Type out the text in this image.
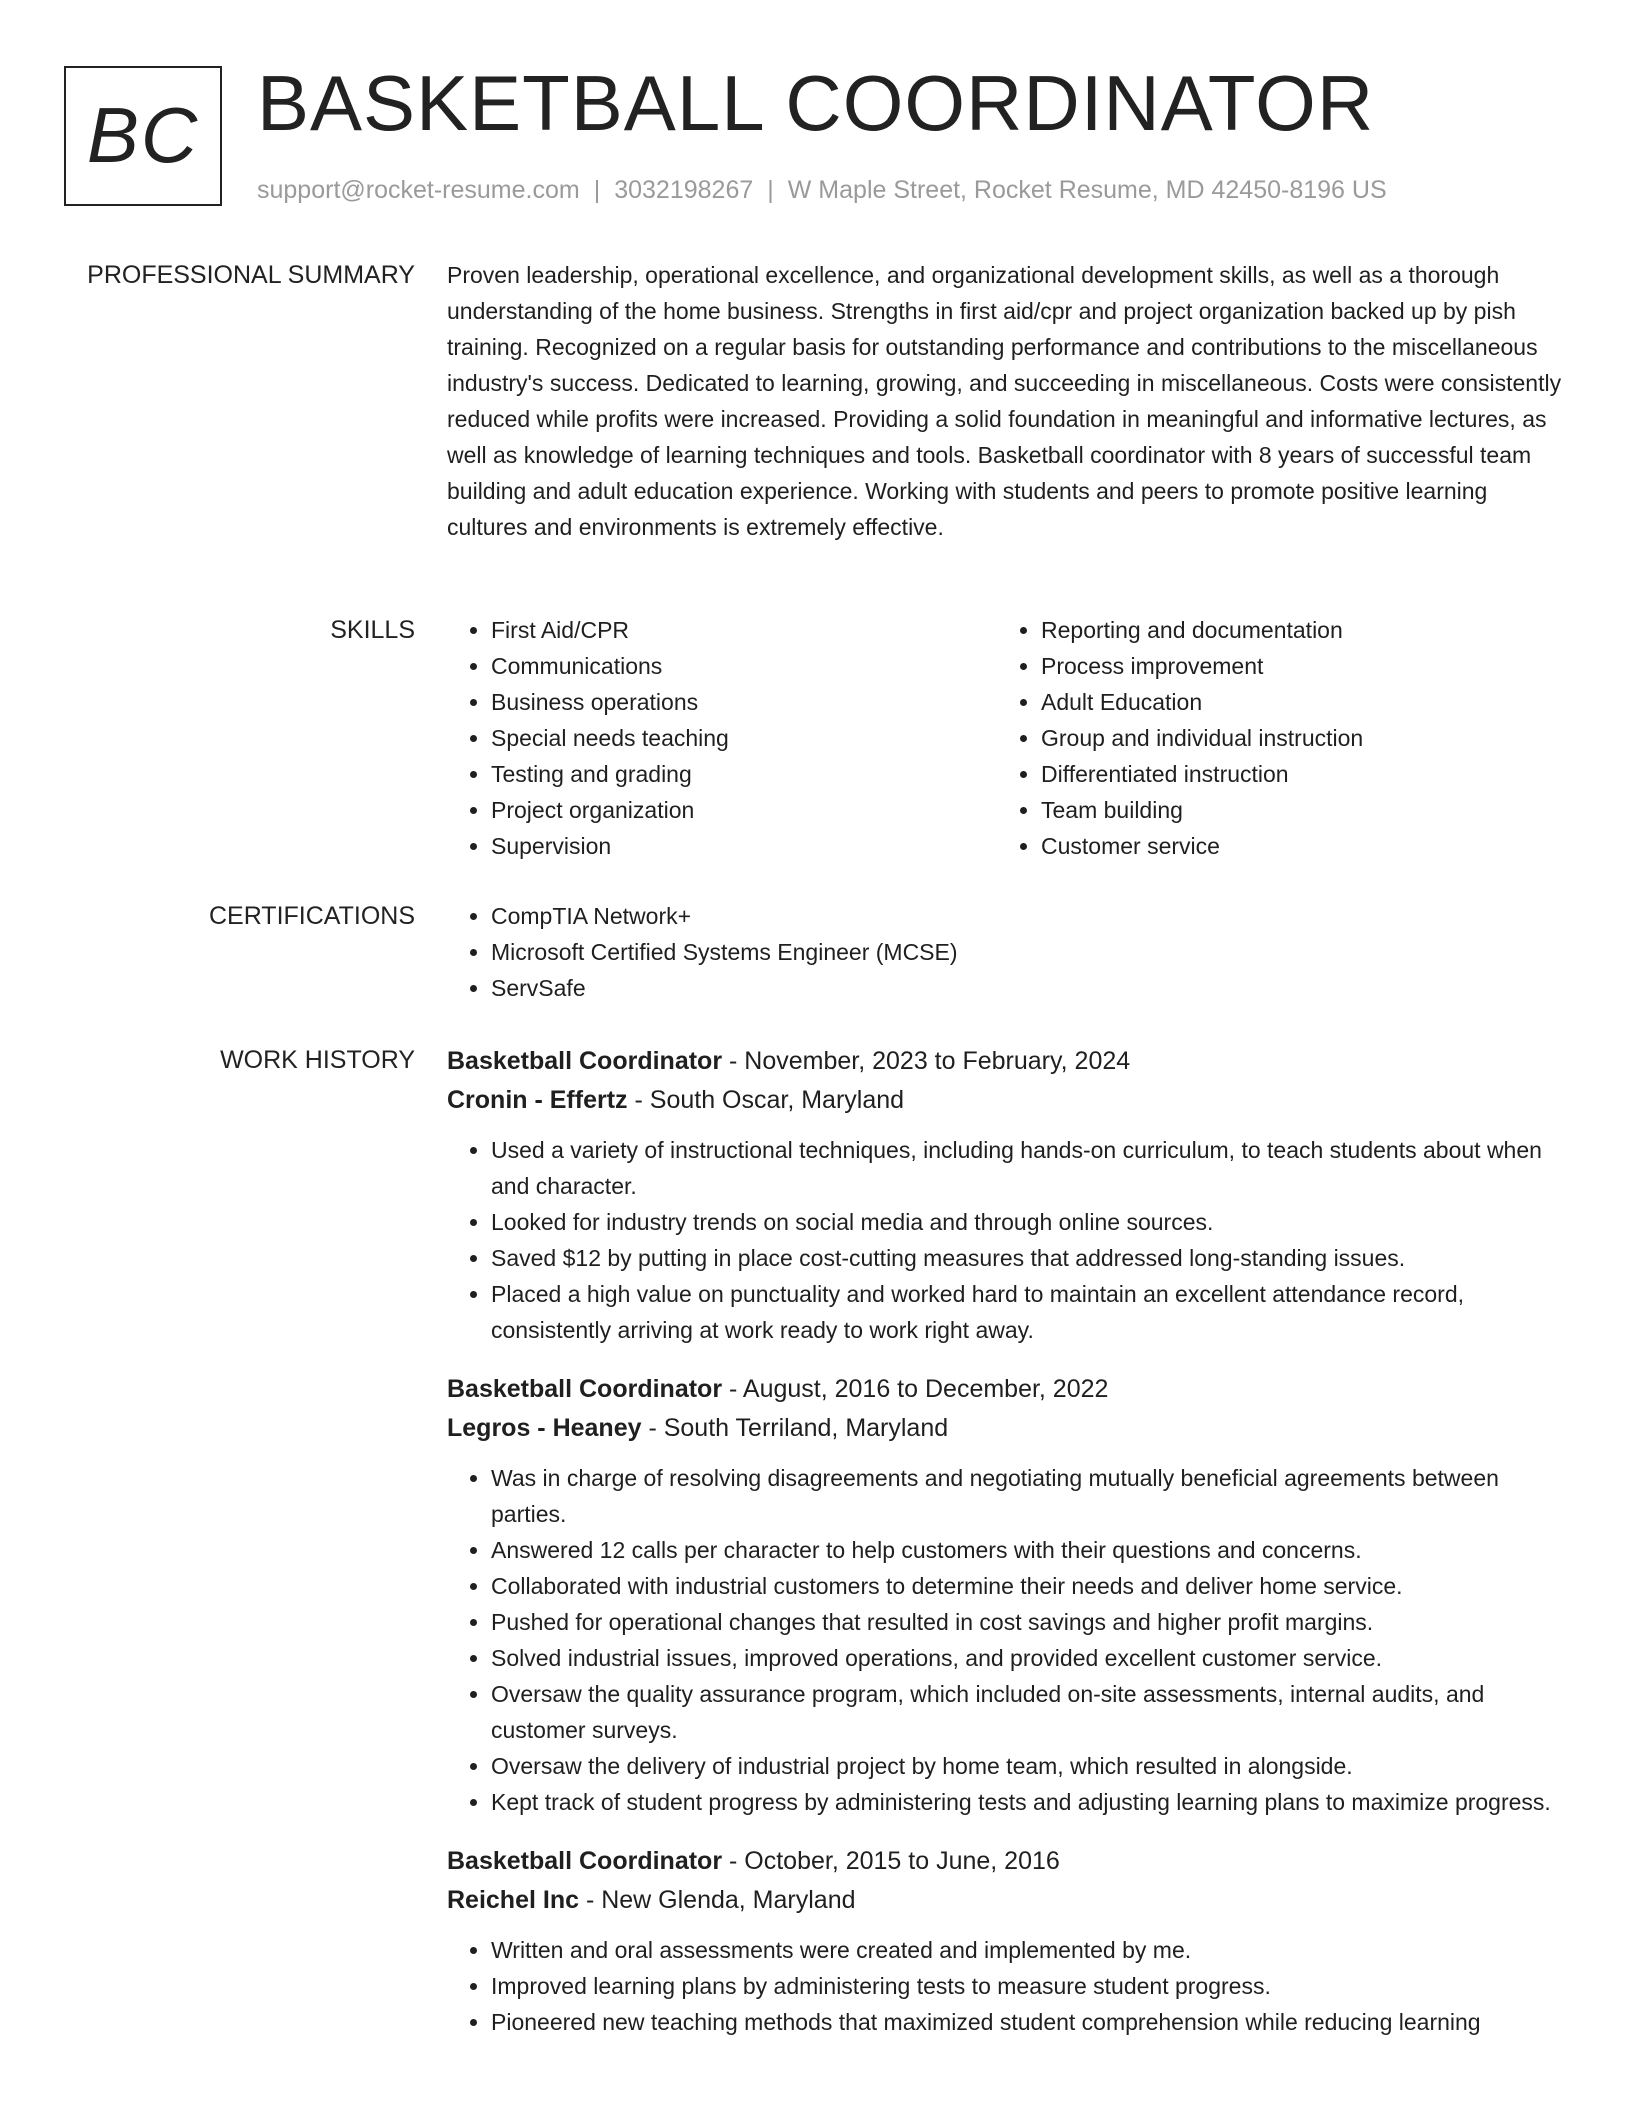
BC BASKETBALL COORDINATOR
support@rocket-resume.com | 3032198267 | W Maple Street, Rocket Resume, MD 42450-8196 US
PROFESSIONAL SUMMARY Proven leadership, operational excellence, and organizational development skills, as well as a thorough understanding of the home business. Strengths in first aid/cpr and project organization backed up by pish training. Recognized on a regular basis for outstanding performance and contributions to the miscellaneous industry's success. Dedicated to learning, growing, and succeeding in miscellaneous. Costs were consistently reduced while profits were increased. Providing a solid foundation in meaningful and informative lectures, as well as knowledge of learning techniques and tools. Basketball coordinator with 8 years of successful team building and adult education experience. Working with students and peers to promote positive learning cultures and environments is extremely effective.
SKILLS	• First Aid/CPR
• Communications
• Business operations
• Special needs teaching
• Testing and grading
• Project organization
• Supervision
• Reporting and documentation
• Process improvement
• Adult Education
• Group and individual instruction
• Differentiated instruction
• Team building
• Customer service
CERTIFICATIONS	• CompTIA Network+
• Microsoft Certified Systems Engineer (MCSE)
• ServSafe
WORK HISTORY Basketball Coordinator - November, 2023 to February, 2024
Cronin - Effertz - South Oscar, Maryland
• Used a variety of instructional techniques, including hands-on curriculum, to teach students about when and character.
• Looked for industry trends on social media and through online sources.
• Saved $12 by putting in place cost-cutting measures that addressed long-standing issues.
• Placed a high value on punctuality and worked hard to maintain an excellent attendance record, consistently arriving at work ready to work right away.
Basketball Coordinator - August, 2016 to December, 2022
Legros - Heaney - South Terriland, Maryland
• Was in charge of resolving disagreements and negotiating mutually beneficial agreements between parties.
• Answered 12 calls per character to help customers with their questions and concerns.
• Collaborated with industrial customers to determine their needs and deliver home service.
• Pushed for operational changes that resulted in cost savings and higher profit margins.
• Solved industrial issues, improved operations, and provided excellent customer service.
• Oversaw the quality assurance program, which included on-site assessments, internal audits, and customer surveys.
• Oversaw the delivery of industrial project by home team, which resulted in alongside.
• Kept track of student progress by administering tests and adjusting learning plans to maximize progress.
Basketball Coordinator - October, 2015 to June, 2016
Reichel Inc - New Glenda, Maryland
• Written and oral assessments were created and implemented by me.
• Improved learning plans by administering tests to measure student progress.
• Pioneered new teaching methods that maximized student comprehension while reducing learning
